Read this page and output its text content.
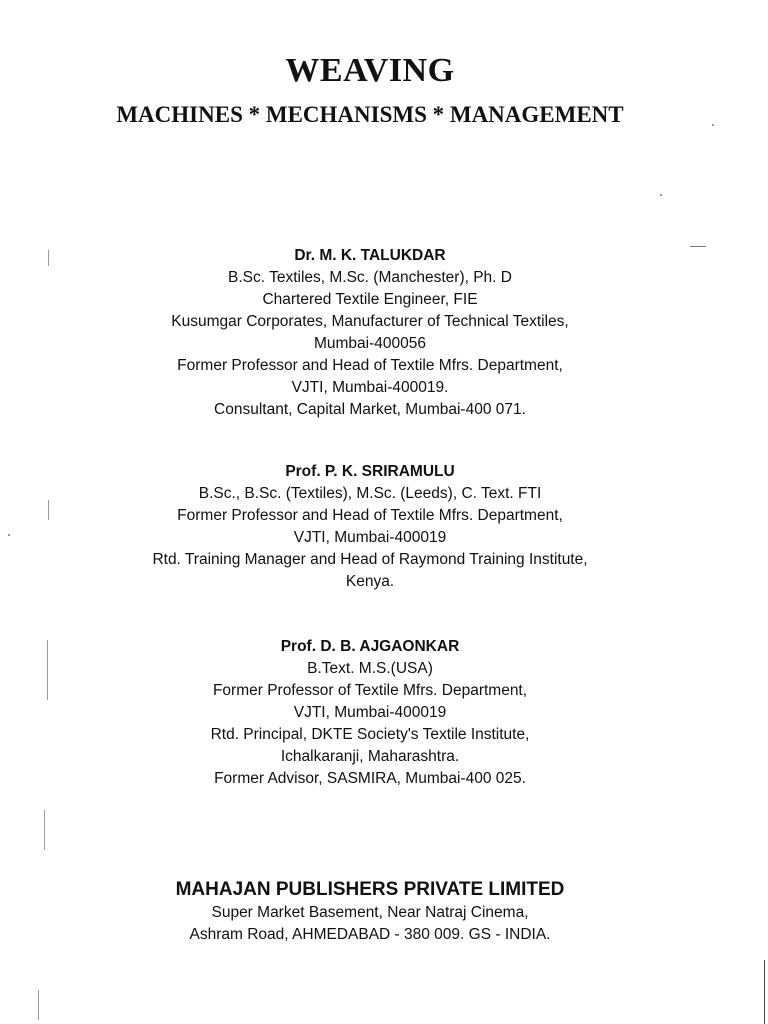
WEAVING
MACHINES * MECHANISMS * MANAGEMENT
Dr. M. K. TALUKDAR
B.Sc. Textiles, M.Sc. (Manchester), Ph. D
Chartered Textile Engineer, FIE
Kusumgar Corporates, Manufacturer of Technical Textiles,
Mumbai-400056
Former Professor and Head of Textile Mfrs. Department,
VJTI, Mumbai-400019.
Consultant, Capital Market, Mumbai-400 071.
Prof. P. K. SRIRAMULU
B.Sc., B.Sc. (Textiles), M.Sc. (Leeds), C. Text. FTI
Former Professor and Head of Textile Mfrs. Department,
VJTI, Mumbai-400019
Rtd. Training Manager and Head of Raymond Training Institute,
Kenya.
Prof. D. B. AJGAONKAR
B.Text. M.S.(USA)
Former Professor of Textile Mfrs. Department,
VJTI, Mumbai-400019
Rtd. Principal, DKTE Society's Textile Institute,
Ichalkaranji, Maharashtra.
Former Advisor, SASMIRA, Mumbai-400 025.
MAHAJAN PUBLISHERS PRIVATE LIMITED
Super Market Basement, Near Natraj Cinema,
Ashram Road, AHMEDABAD - 380 009. GS - INDIA.
